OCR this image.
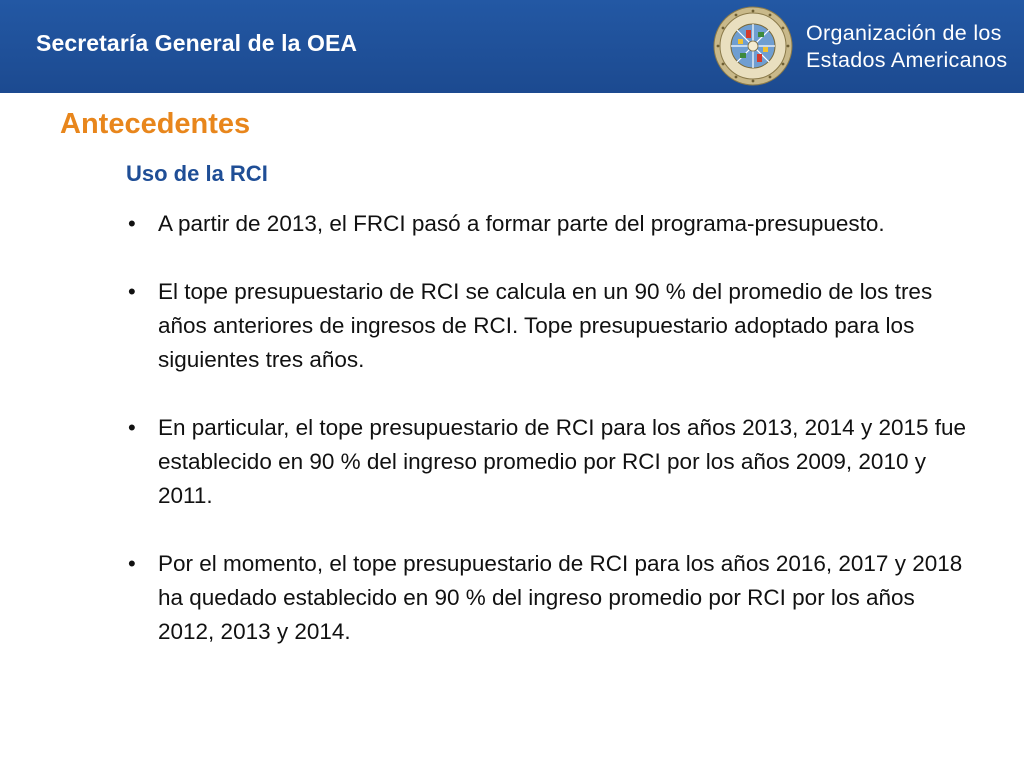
Secretaría General de la OEA	Organización de los
Estados Americanos
Antecedentes
Uso de la RCI
• A partir de 2013, el FRCI pasó a formar parte del programa-presupuesto.
• El tope presupuestario de RCI se calcula en un 90 % del promedio de los tres años anteriores de ingresos de RCI. Tope presupuestario adoptado para los siguientes tres años.
• En particular, el tope presupuestario de RCI para los años 2013, 2014 y 2015 fue establecido en 90 % del ingreso promedio por RCI por los años 2009, 2010 y 2011.
• Por el momento, el tope presupuestario de RCI para los años 2016, 2017 y 2018 ha quedado establecido en 90 % del ingreso promedio por RCI por los años 2012, 2013 y 2014.
